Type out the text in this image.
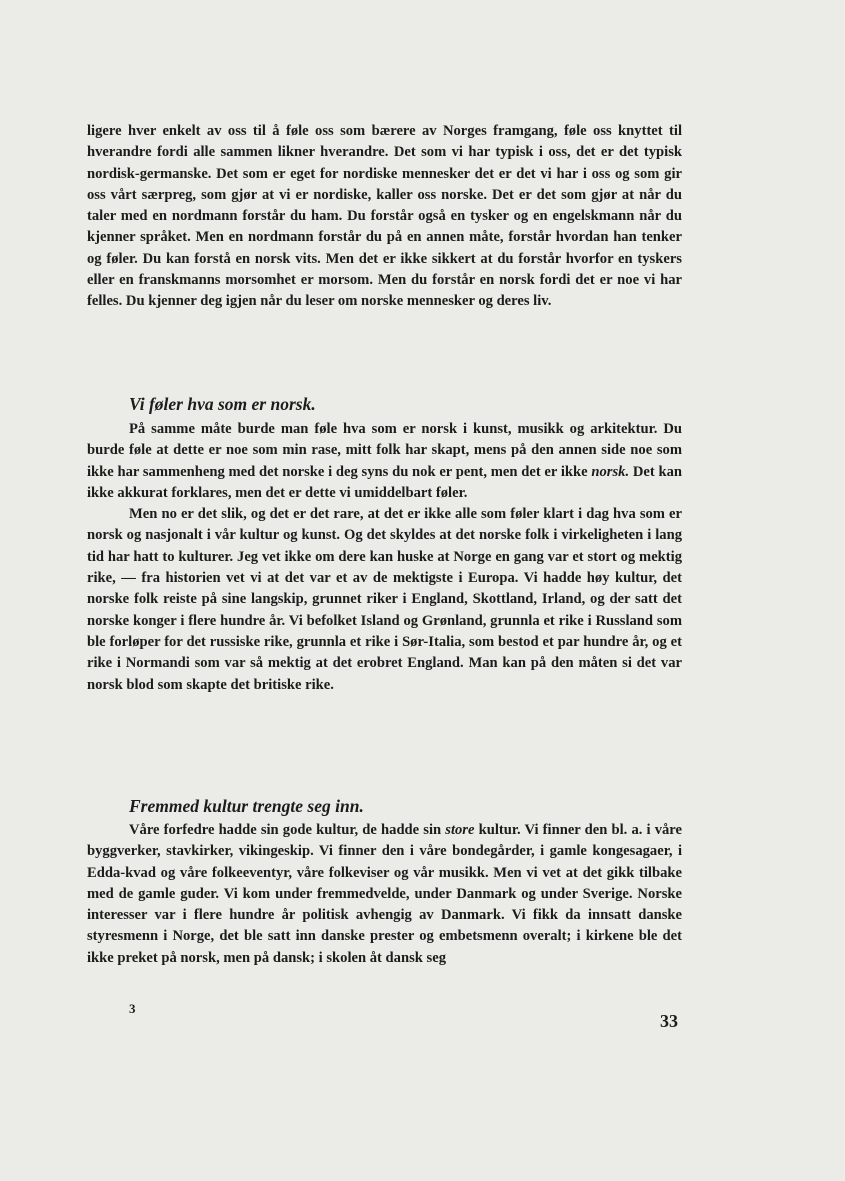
ligere hver enkelt av oss til å føle oss som bærere av Norges framgang, føle oss knyttet til hverandre fordi alle sammen likner hverandre. Det som vi har typisk i oss, det er det typisk nordisk-germanske. Det som er eget for nordiske mennesker det er det vi har i oss og som gir oss vårt særpreg, som gjør at vi er nordiske, kaller oss norske. Det er det som gjør at når du taler med en nordmann forstår du ham. Du forstår også en tysker og en engelskmann når du kjenner språket. Men en nordmann forstår du på en annen måte, forstår hvordan han tenker og føler. Du kan forstå en norsk vits. Men det er ikke sikkert at du forstår hvorfor en tyskers eller en franskmanns morsomhet er morsom. Men du forstår en norsk fordi det er noe vi har felles. Du kjenner deg igjen når du leser om norske mennesker og deres liv.

Vi føler hva som er norsk.

På samme måte burde man føle hva som er norsk i kunst, musikk og arkitektur. Du burde føle at dette er noe som min rase, mitt folk har skapt, mens på den annen side noe som ikke har sammenheng med det norske i deg syns du nok er pent, men det er ikke norsk. Det kan ikke akkurat forklares, men det er dette vi umiddelbart føler.

Men no er det slik, og det er det rare, at det er ikke alle som føler klart i dag hva som er norsk og nasjonalt i vår kultur og kunst. Og det skyldes at det norske folk i virkeligheten i lang tid har hatt to kulturer. Jeg vet ikke om dere kan huske at Norge en gang var et stort og mektig rike, — fra historien vet vi at det var et av de mektigste i Europa. Vi hadde høy kultur, det norske folk reiste på sine langskip, grunnet riker i England, Skottland, Irland, og der satt det norske konger i flere hundre år. Vi befolket Island og Grønland, grunnla et rike i Russland som ble forløper for det russiske rike, grunnla et rike i Sør-Italia, som bestod et par hundre år, og et rike i Normandi som var så mektig at det erobret England. Man kan på den måten si det var norsk blod som skapte det britiske rike.

Fremmed kultur trengte seg inn.

Våre forfedre hadde sin gode kultur, de hadde sin store kultur. Vi finner den bl. a. i våre byggverker, stavkirker, vikingeskip. Vi finner den i våre bondegårder, i gamle kongesagaer, i Edda-kvad og våre folkeeventyr, våre folkeviser og vår musikk. Men vi vet at det gikk tilbake med de gamle guder. Vi kom under fremmedvelde, under Danmark og under Sverige. Norske interesser var i flere hundre år politisk avhengig av Danmark. Vi fikk da innsatt danske styresmenn i Norge, det ble satt inn danske prester og embetsmenn overalt; i kirkene ble det ikke preket på norsk, men på dansk; i skolen åt dansk seg

3
33
